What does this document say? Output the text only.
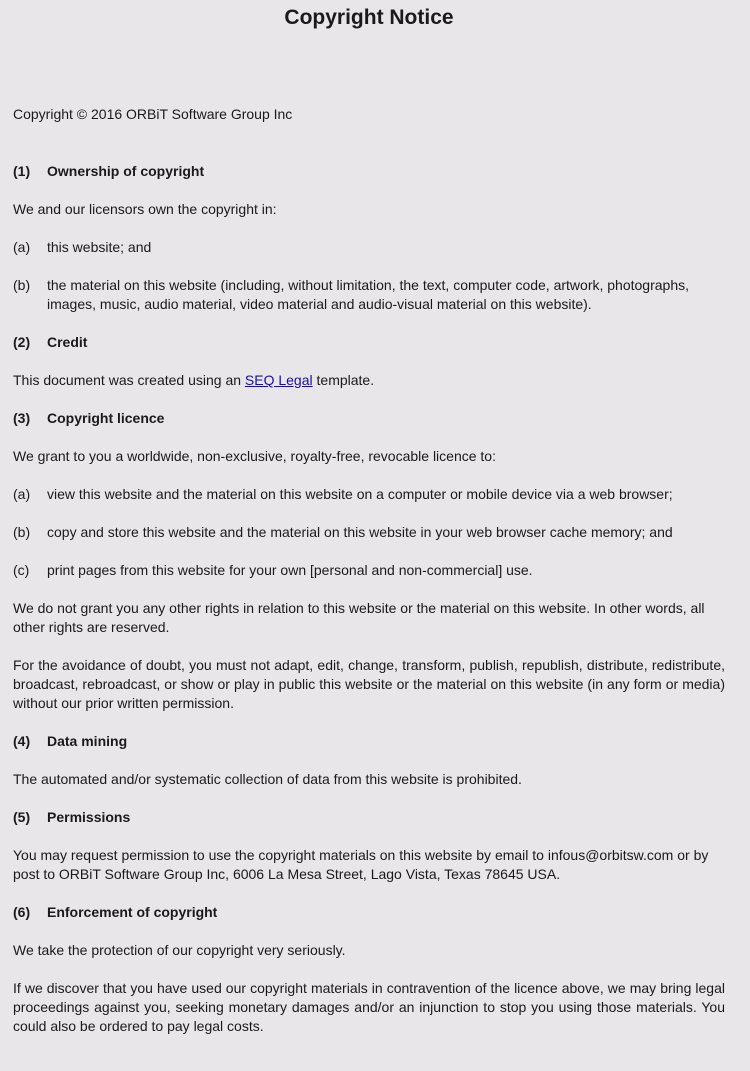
Copyright Notice

Copyright © 2016 ORBiT Software Group Inc

(1)	Ownership of copyright

We and our licensors own the copyright in:

(a)	this website; and

(b)	the material on this website (including, without limitation, the text, computer code, artwork, photographs, images, music, audio material, video material and audio-visual material on this website).

(2)	Credit

This document was created using an SEQ Legal template.

(3)	Copyright licence

We grant to you a worldwide, non-exclusive, royalty-free, revocable licence to:

(a)	view this website and the material on this website on a computer or mobile device via a web browser;

(b)	copy and store this website and the material on this website in your web browser cache memory; and

(c)	print pages from this website for your own [personal and non-commercial] use.

We do not grant you any other rights in relation to this website or the material on this website. In other words, all other rights are reserved.

For the avoidance of doubt, you must not adapt, edit, change, transform, publish, republish, distribute, redistribute, broadcast, rebroadcast, or show or play in public this website or the material on this website (in any form or media) without our prior written permission.

(4)	Data mining

The automated and/or systematic collection of data from this website is prohibited.

(5)	Permissions

You may request permission to use the copyright materials on this website by email to infous@orbitsw.com or by post to ORBiT Software Group Inc, 6006 La Mesa Street, Lago Vista, Texas 78645 USA.

(6)	Enforcement of copyright

We take the protection of our copyright very seriously.

If we discover that you have used our copyright materials in contravention of the licence above, we may bring legal proceedings against you, seeking monetary damages and/or an injunction to stop you using those materials. You could also be ordered to pay legal costs.
